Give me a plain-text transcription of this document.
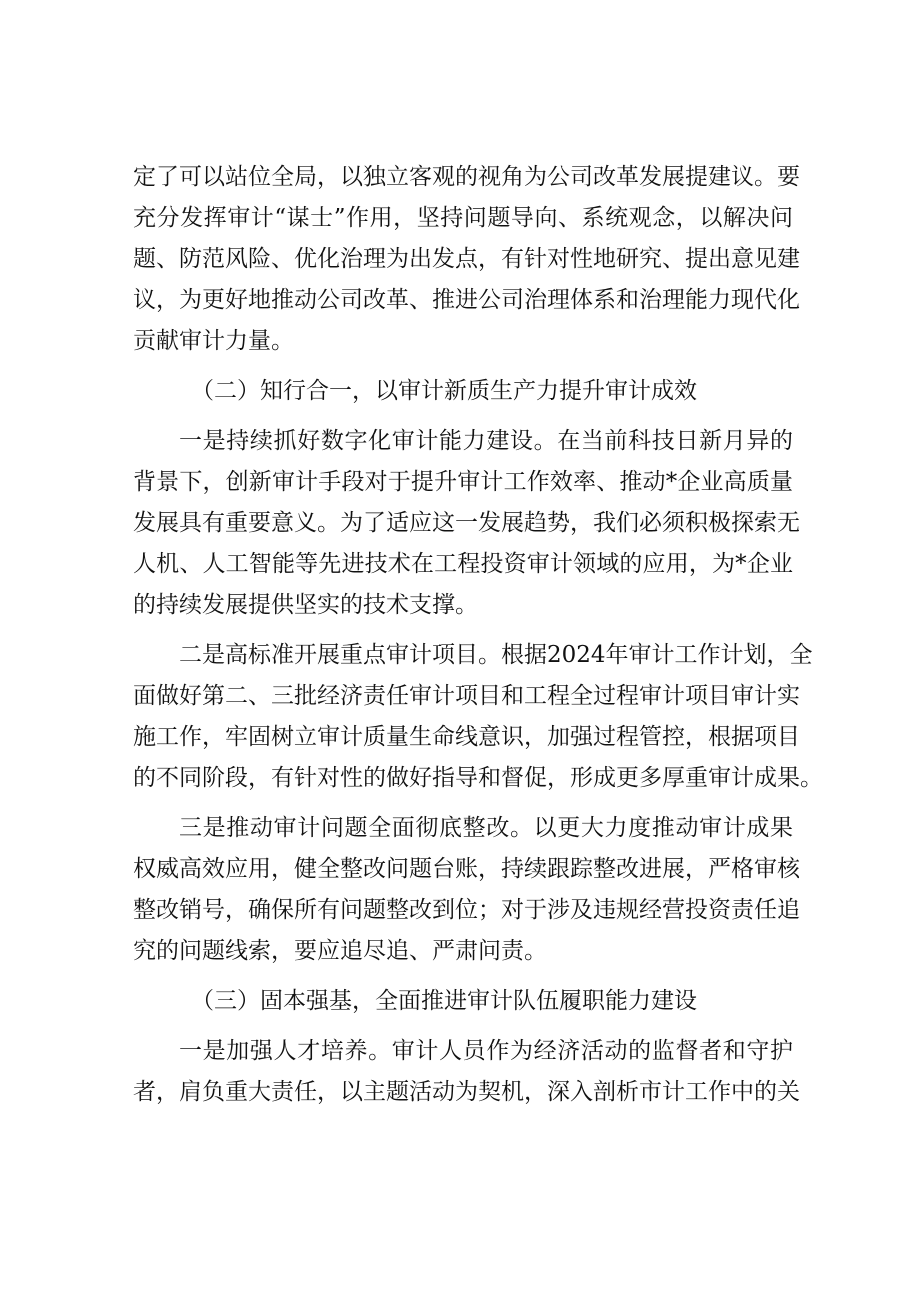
定了可以站位全局，以独立客观的视角为公司改革发展提建议。要
充分发挥审计“谋士”作用，坚持问题导向、系统观念，以解决问
题、防范风险、优化治理为出发点，有针对性地研究、提出意见建
议，为更好地推动公司改革、推进公司治理体系和治理能力现代化
贡献审计力量。
（二）知行合一，以审计新质生产力提升审计成效
一是持续抓好数字化审计能力建设。在当前科技日新月异的
背景下，创新审计手段对于提升审计工作效率、推动*企业高质量
发展具有重要意义。为了适应这一发展趋势，我们必须积极探索无
人机、人工智能等先进技术在工程投资审计领域的应用，为*企业
的持续发展提供坚实的技术支撑。
二是高标准开展重点审计项目。根据2024年审计工作计划，全
面做好第二、三批经济责任审计项目和工程全过程审计项目审计实
施工作，牢固树立审计质量生命线意识，加强过程管控，根据项目
的不同阶段，有针对性的做好指导和督促，形成更多厚重审计成果。
三是推动审计问题全面彻底整改。以更大力度推动审计成果
权威高效应用，健全整改问题台账，持续跟踪整改进展，严格审核
整改销号，确保所有问题整改到位；对于涉及违规经营投资责任追
究的问题线索，要应追尽追、严肃问责。
（三）固本强基，全面推进审计队伍履职能力建设
一是加强人才培养。审计人员作为经济活动的监督者和守护
者，肩负重大责任，以主题活动为契机，深入剖析市计工作中的关
